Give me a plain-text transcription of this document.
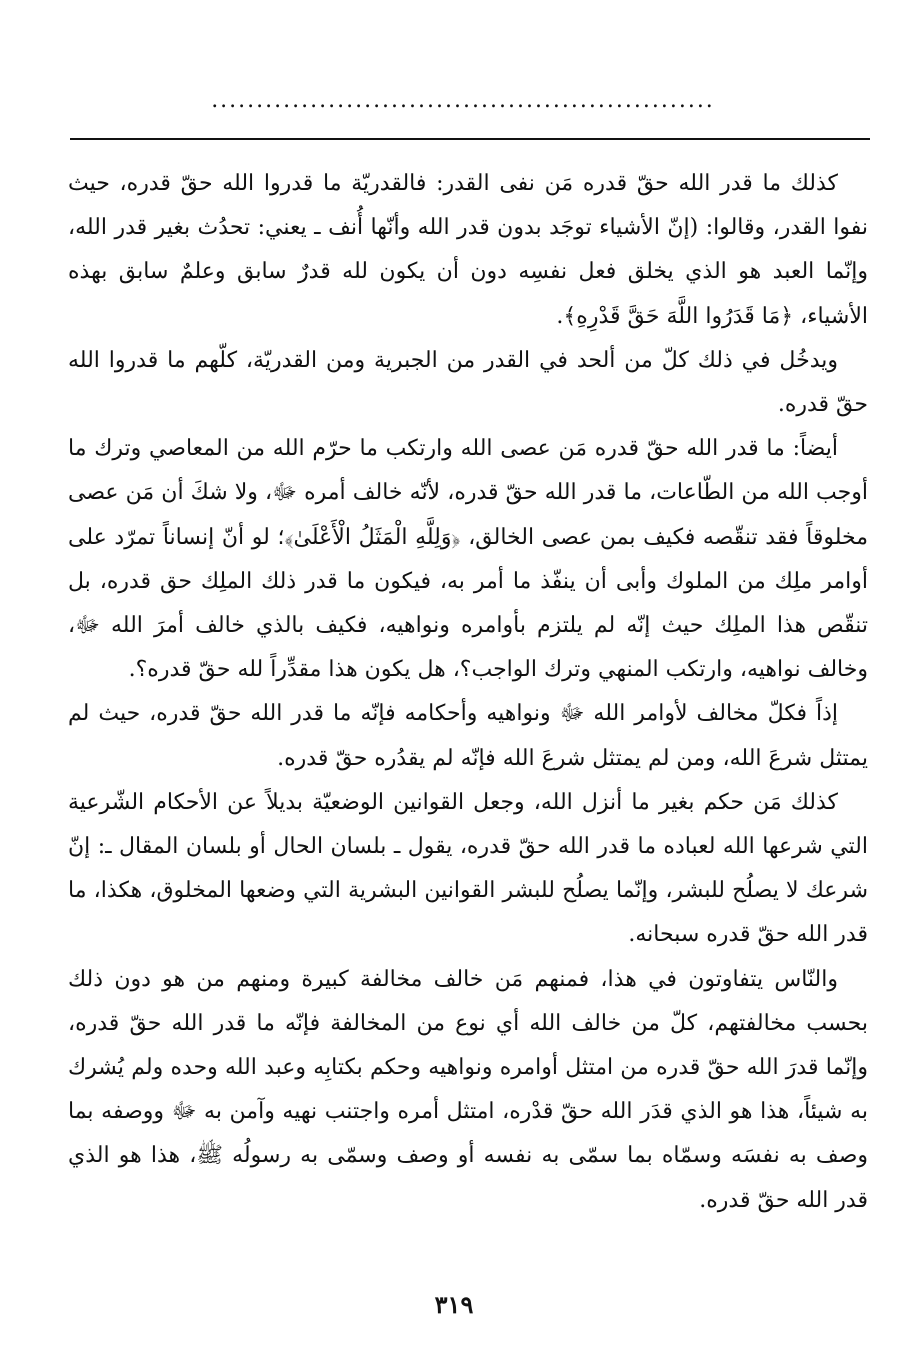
........................................................

كذلك ما قدر الله حقّ قدره مَن نفى القدر: فالقدريّة ما قدروا الله حقّ قدره، حيث نفوا القدر، وقالوا: (إنّ الأشياء توجَد بدون قدر الله وأنّها أُنف ـ يعني: تحدُث بغير قدر الله، وإنّما العبد هو الذي يخلق فعل نفسِه دون أن يكون لله قدرٌ سابق وعلمٌ سابق بهذه الأشياء، ﴿مَا قَدَرُوا اللَّهَ حَقَّ قَدْرِهِ﴾.

ويدخُل في ذلك كلّ من ألحد في القدر من الجبرية ومن القدريّة، كلّهم ما قدروا الله حقّ قدره.

أيضاً: ما قدر الله حقّ قدره مَن عصى الله وارتكب ما حرّم الله من المعاصي وترك ما أوجب الله من الطّاعات، ما قدر الله حقّ قدره، لأنّه خالف أمره ﷻ، ولا شكَ أن مَن عصى مخلوقاً فقد تنقّصه فكيف بمن عصى الخالق، ﴿وَلِلَّهِ الْمَثَلُ الْأَعْلَىٰ﴾؛ لو أنّ إنساناً تمرّد على أوامر ملِك من الملوك وأبى أن ينفّذ ما أمر به، فيكون ما قدر ذلك الملِك حق قدره، بل تنقّص هذا الملِك حيث إنّه لم يلتزم بأوامره ونواهيه، فكيف بالذي خالف أمرَ الله ﷻ، وخالف نواهيه، وارتكب المنهي وترك الواجب؟، هل يكون هذا مقدِّراً لله حقّ قدره؟.

إذاً فكلّ مخالف لأوامر الله ﷻ ونواهيه وأحكامه فإنّه ما قدر الله حقّ قدره، حيث لم يمتثل شرعَ الله، ومن لم يمتثل شرعَ الله فإنّه لم يقدُره حقّ قدره.

كذلك مَن حكم بغير ما أنزل الله، وجعل القوانين الوضعيّة بديلاً عن الأحكام الشّرعية التي شرعها الله لعباده ما قدر الله حقّ قدره، يقول ـ بلسان الحال أو بلسان المقال ـ: إنّ شرعك لا يصلُح للبشر، وإنّما يصلُح للبشر القوانين البشرية التي وضعها المخلوق، هكذا، ما قدر الله حقّ قدره سبحانه.

والنّاس يتفاوتون في هذا، فمنهم مَن خالف مخالفة كبيرة ومنهم من هو دون ذلك بحسب مخالفتهم، كلّ من خالف الله أي نوع من المخالفة فإنّه ما قدر الله حقّ قدره، وإنّما قدرَ الله حقّ قدره من امتثل أوامره ونواهيه وحكم بكتابِه وعبد الله وحده ولم يُشرك به شيئاً، هذا هو الذي قدَر الله حقّ قدْره، امتثل أمره واجتنب نهيه وآمن به ﷻ ووصفه بما وصف به نفسَه وسمّاه بما سمّى به نفسه أو وصف وسمّى به رسولُه ﷺ، هذا هو الذي قدر الله حقّ قدره.

٣١٩
